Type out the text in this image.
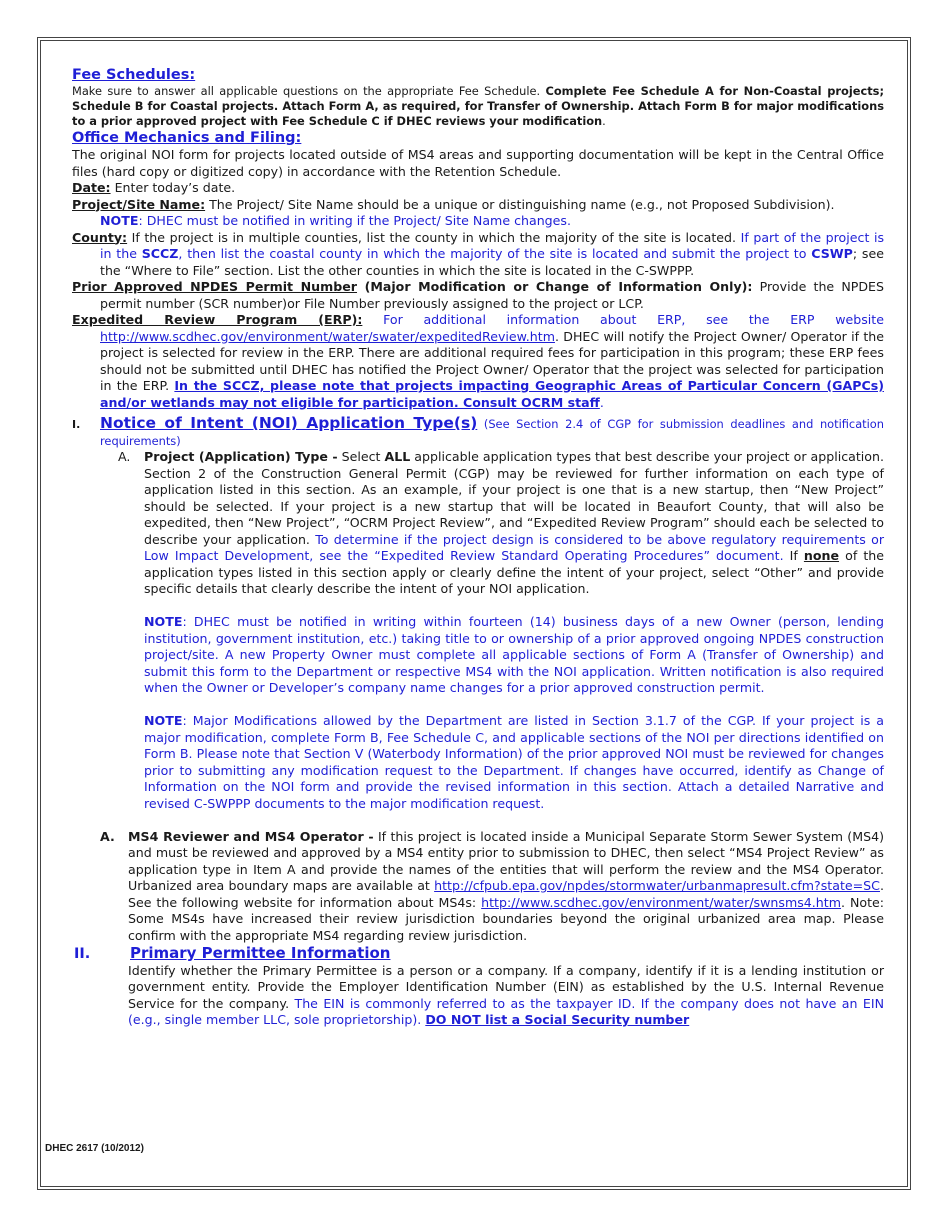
Fee Schedules:

Make sure to answer all applicable questions on the appropriate Fee Schedule. Complete Fee Schedule A for Non-Coastal projects; Schedule B for Coastal projects. Attach Form A, as required, for Transfer of Ownership. Attach Form B for major modifications to a prior approved project with Fee Schedule C if DHEC reviews your modification.

Office Mechanics and Filing:

The original NOI form for projects located outside of MS4 areas and supporting documentation will be kept in the Central Office files (hard copy or digitized copy) in accordance with the Retention Schedule.

Date: Enter today’s date.

Project/Site Name: The Project/ Site Name should be a unique or distinguishing name (e.g., not Proposed Subdivision).
NOTE: DHEC must be notified in writing if the Project/ Site Name changes.

County: If the project is in multiple counties, list the county in which the majority of the site is located. If part of the project is in the SCCZ, then list the coastal county in which the majority of the site is located and submit the project to CSWP; see the “Where to File” section. List the other counties in which the site is located in the C-SWPPP.

Prior Approved NPDES Permit Number (Major Modification or Change of Information Only): Provide the NPDES permit number (SCR number)or File Number previously assigned to the project or LCP.

Expedited Review Program (ERP): For additional information about ERP, see the ERP website http://www.scdhec.gov/environment/water/swater/expeditedReview.htm. DHEC will notify the Project Owner/ Operator if the project is selected for review in the ERP. There are additional required fees for participation in this program; these ERP fees should not be submitted until DHEC has notified the Project Owner/ Operator that the project was selected for participation in the ERP. In the SCCZ, please note that projects impacting Geographic Areas of Particular Concern (GAPCs) and/or wetlands may not eligible for participation. Consult OCRM staff.

I.	Notice of Intent (NOI) Application Type(s) (See Section 2.4 of CGP for submission deadlines and notification requirements)

A. Project (Application) Type - Select ALL applicable application types that best describe your project or application. Section 2 of the Construction General Permit (CGP) may be reviewed for further information on each type of application listed in this section. As an example, if your project is one that is a new startup, then “New Project” should be selected. If your project is a new startup that will be located in Beaufort County, that will also be expedited, then “New Project”, “OCRM Project Review”, and “Expedited Review Program” should each be selected to describe your application. To determine if the project design is considered to be above regulatory requirements or Low Impact Development, see the “Expedited Review Standard Operating Procedures” document. If none of the application types listed in this section apply or clearly define the intent of your project, select “Other” and provide specific details that clearly describe the intent of your NOI application.

NOTE: DHEC must be notified in writing within fourteen (14) business days of a new Owner (person, lending institution, government institution, etc.) taking title to or ownership of a prior approved ongoing NPDES construction project/site. A new Property Owner must complete all applicable sections of Form A (Transfer of Ownership) and submit this form to the Department or respective MS4 with the NOI application. Written notification is also required when the Owner or Developer’s company name changes for a prior approved construction permit.

NOTE: Major Modifications allowed by the Department are listed in Section 3.1.7 of the CGP. If your project is a major modification, complete Form B, Fee Schedule C, and applicable sections of the NOI per directions identified on Form B. Please note that Section V (Waterbody Information) of the prior approved NOI must be reviewed for changes prior to submitting any modification request to the Department. If changes have occurred, identify as Change of Information on the NOI form and provide the revised information in this section. Attach a detailed Narrative and revised C-SWPPP documents to the major modification request.

A. MS4 Reviewer and MS4 Operator - If this project is located inside a Municipal Separate Storm Sewer System (MS4) and must be reviewed and approved by a MS4 entity prior to submission to DHEC, then select “MS4 Project Review” as application type in Item A and provide the names of the entities that will perform the review and the MS4 Operator. Urbanized area boundary maps are available at http://cfpub.epa.gov/npdes/stormwater/urbanmapresult.cfm?state=SC. See the following website for information about MS4s: http://www.scdhec.gov/environment/water/swnsms4.htm. Note: Some MS4s have increased their review jurisdiction boundaries beyond the original urbanized area map. Please confirm with the appropriate MS4 regarding review jurisdiction.

II.	Primary Permittee Information

Identify whether the Primary Permittee is a person or a company. If a company, identify if it is a lending institution or government entity. Provide the Employer Identification Number (EIN) as established by the U.S. Internal Revenue Service for the company. The EIN is commonly referred to as the taxpayer ID. If the company does not have an EIN (e.g., single member LLC, sole proprietorship). DO NOT list a Social Security number

DHEC 2617 (10/2012)
